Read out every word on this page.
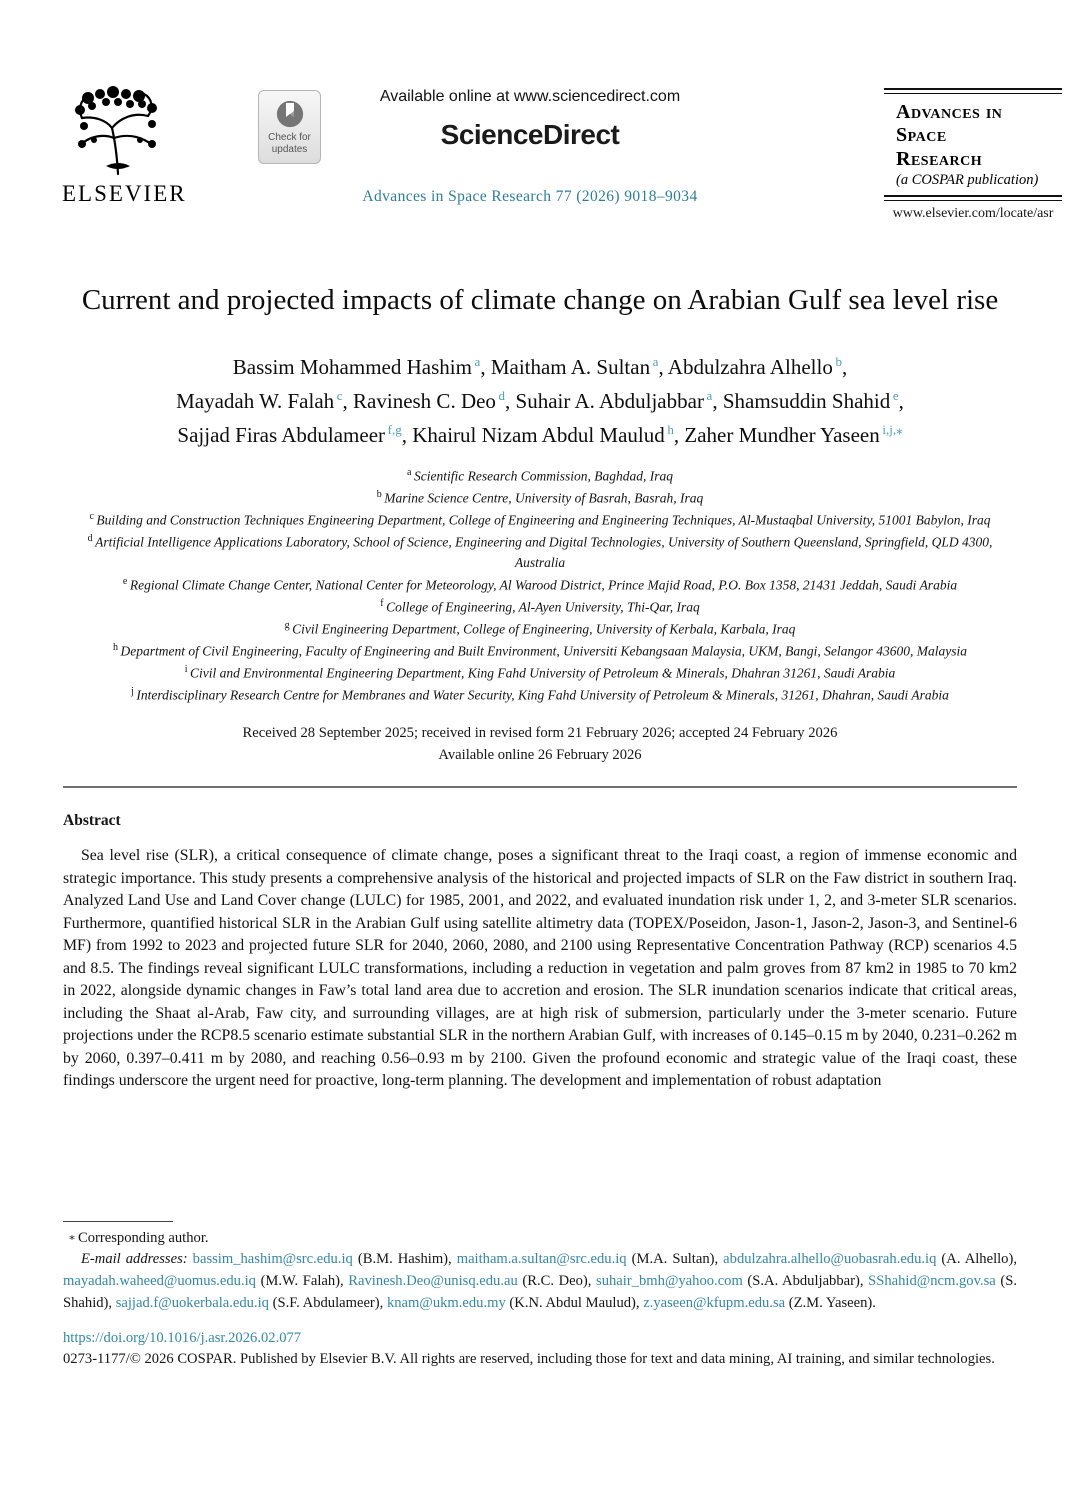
ELSEVIER
Check for updates
Available online at www.sciencedirect.com
ScienceDirect
Advances in Space Research 77 (2026) 9018–9034
Advances in
Space
Research
(a COSPAR publication)
www.elsevier.com/locate/asr
Current and projected impacts of climate change on Arabian Gulf sea level rise
Bassim Mohammed Hashim $^a$, Maitham A. Sultan $^a$, Abdulzahra Alhello $^b$,
Mayadah W. Falah $^c$, Ravinesh C. Deo $^d$, Suhair A. Abduljabbar $^a$, Shamsuddin Shahid $^e$,
Sajjad Firas Abdulameer $^{f,g}$, Khairul Nizam Abdul Maulud $^h$, Zaher Mundher Yaseen $^{i,j,⁎}$
$^a$ Scientific Research Commission, Baghdad, Iraq
$^b$ Marine Science Centre, University of Basrah, Basrah, Iraq
$^c$ Building and Construction Techniques Engineering Department, College of Engineering and Engineering Techniques, Al-Mustaqbal University, 51001 Babylon, Iraq
$^d$ Artificial Intelligence Applications Laboratory, School of Science, Engineering and Digital Technologies, University of Southern Queensland, Springfield, QLD 4300, Australia
$^e$ Regional Climate Change Center, National Center for Meteorology, Al Warood District, Prince Majid Road, P.O. Box 1358, 21431 Jeddah, Saudi Arabia
$^f$ College of Engineering, Al-Ayen University, Thi-Qar, Iraq
$^g$ Civil Engineering Department, College of Engineering, University of Kerbala, Karbala, Iraq
$^h$ Department of Civil Engineering, Faculty of Engineering and Built Environment, Universiti Kebangsaan Malaysia, UKM, Bangi, Selangor 43600, Malaysia
$^i$ Civil and Environmental Engineering Department, King Fahd University of Petroleum & Minerals, Dhahran 31261, Saudi Arabia
$^j$ Interdisciplinary Research Centre for Membranes and Water Security, King Fahd University of Petroleum & Minerals, 31261, Dhahran, Saudi Arabia
Received 28 September 2025; received in revised form 21 February 2026; accepted 24 February 2026
Available online 26 February 2026
Abstract

Sea level rise (SLR), a critical consequence of climate change, poses a significant threat to the Iraqi coast, a region of immense economic and strategic importance. This study presents a comprehensive analysis of the historical and projected impacts of SLR on the Faw district in southern Iraq. Analyzed Land Use and Land Cover change (LULC) for 1985, 2001, and 2022, and evaluated inundation risk under 1, 2, and 3-meter SLR scenarios. Furthermore, quantified historical SLR in the Arabian Gulf using satellite altimetry data (TOPEX/Poseidon, Jason-1, Jason-2, Jason-3, and Sentinel-6 MF) from 1992 to 2023 and projected future SLR for 2040, 2060, 2080, and 2100 using Representative Concentration Pathway (RCP) scenarios 4.5 and 8.5. The findings reveal significant LULC transformations, including a reduction in vegetation and palm groves from 87 km2 in 1985 to 70 km2 in 2022, alongside dynamic changes in Faw’s total land area due to accretion and erosion. The SLR inundation scenarios indicate that critical areas, including the Shaat al-Arab, Faw city, and surrounding villages, are at high risk of submersion, particularly under the 3-meter scenario. Future projections under the RCP8.5 scenario estimate substantial SLR in the northern Arabian Gulf, with increases of 0.145–0.15 m by 2040, 0.231–0.262 m by 2060, 0.397–0.411 m by 2080, and reaching 0.56–0.93 m by 2100. Given the profound economic and strategic value of the Iraqi coast, these findings underscore the urgent need for proactive, long-term planning. The development and implementation of robust adaptation

⁎ Corresponding author.

E-mail addresses: bassim_hashim@src.edu.iq (B.M. Hashim), maitham.a.sultan@src.edu.iq (M.A. Sultan), abdulzahra.alhello@uobasrah.edu.iq (A. Alhello), mayadah.waheed@uomus.edu.iq (M.W. Falah), Ravinesh.Deo@unisq.edu.au (R.C. Deo), suhair_bmh@yahoo.com (S.A. Abduljabbar), SShahid@ncm.gov.sa (S. Shahid), sajjad.f@uokerbala.edu.iq (S.F. Abdulameer), knam@ukm.edu.my (K.N. Abdul Maulud), z.yaseen@kfupm.edu.sa (Z.M. Yaseen).

https://doi.org/10.1016/j.asr.2026.02.077

0273-1177/© 2026 COSPAR. Published by Elsevier B.V. All rights are reserved, including those for text and data mining, AI training, and similar technologies.
